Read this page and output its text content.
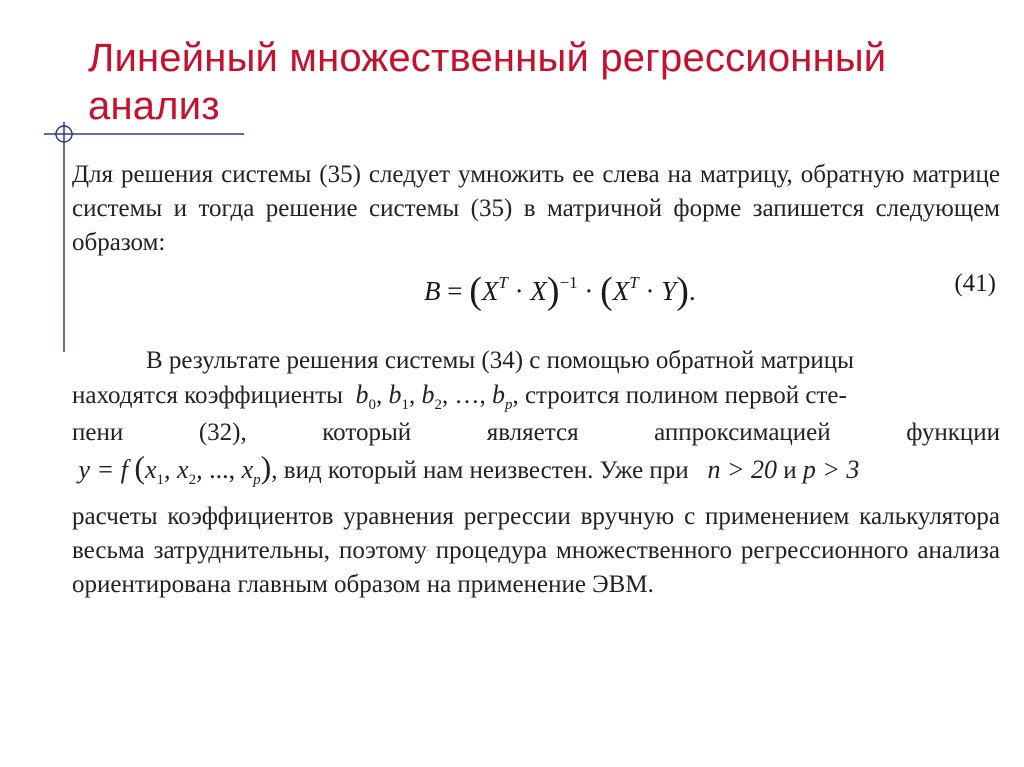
Линейный множественный регрессионный анализ

Для решения системы (35) следует умножить ее слева на матрицу, обратную матрице системы и тогда решение системы (35) в матричной форме запишется следующем образом:

$B = (X^T \cdot X)^{-1} \cdot (X^T \cdot Y)$.	(41)
В результате решения системы (34) с помощью обратной матрицы
находятся коэффициенты $b_0$, $b_1$, $b_2$, …, $b_p$, строится полином первой сте-
пени	(32),	который	является	аппроксимацией	функции
y = f ($x_1$, $x_2$, ..., $x_p$), вид который нам неизвестен. Уже при n > 20 и p > 3

расчеты коэффициентов уравнения регрессии вручную с применением калькулятора весьма затруднительны, поэтому процедура множественного регрессионного анализа ориентирована главным образом на применение ЭВМ.
